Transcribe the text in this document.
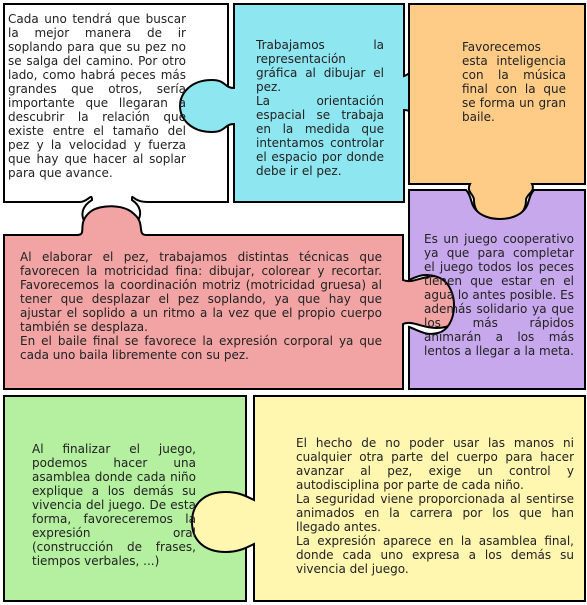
Cada uno tendrá que buscar la mejor manera de ir soplando para que su pez no se salga del camino. Por otro lado, como habrá peces más grandes que otros, sería importante que llegaran a descubrir la relación que existe entre el tamaño del pez y la velocidad y fuerza que hay que hacer al soplar para que avance.

Trabajamos la representación gráfica al dibujar el pez.

La orientación espacial se trabaja en la medida que intentamos controlar el espacio por donde debe ir el pez.

Favorecemos esta inteligencia con la música final con la que se forma un gran baile.

Al elaborar el pez, trabajamos distintas técnicas que favorecen la motricidad fina: dibujar, colorear y recortar. Favorecemos la coordinación motriz (motricidad gruesa) al tener que desplazar el pez soplando, ya que hay que ajustar el soplido a un ritmo a la vez que el propio cuerpo también se desplaza.

En el baile final se favorece la expresión corporal ya que cada uno baila libremente con su pez.

Es un juego cooperativo ya que para completar el juego todos los peces tienen que estar en el agua lo antes posible. Es además solidario ya que los más rápidos animarán a los más lentos a llegar a la meta.

Al finalizar el juego, podemos hacer una asamblea donde cada niño explique a los demás su vivencia del juego. De esta forma, favoreceremos la expresión oral (construcción de frases, tiempos verbales, ...)

El hecho de no poder usar las manos ni cualquier otra parte del cuerpo para hacer avanzar al pez, exige un control y autodisciplina por parte de cada niño.

La seguridad viene proporcionada al sentirse animados en la carrera por los que han llegado antes.

La expresión aparece en la asamblea final, donde cada uno expresa a los demás su vivencia del juego.
